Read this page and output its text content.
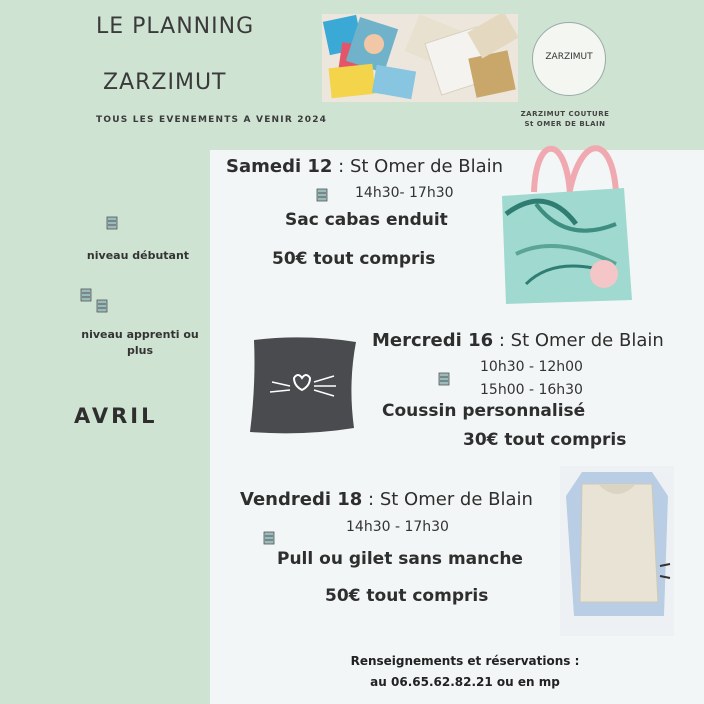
LE PLANNING
ZARZIMUT
TOUS LES EVENEMENTS A VENIR 2024
ZARZIMUT
ZARZIMUT COUTURE
St OMER DE BLAIN
niveau débutant
niveau apprenti ou
plus
AVRIL
Samedi 12 : St Omer de Blain
14h30- 17h30
Sac cabas enduit
50€ tout compris
Mercredi 16 : St Omer de Blain
10h30 - 12h00
15h00 - 16h30
Coussin personnalisé
30€ tout compris
Vendredi 18 : St Omer de Blain
14h30 - 17h30
Pull ou gilet sans manche
50€ tout compris
Renseignements et réservations :
au 06.65.62.82.21 ou en mp
